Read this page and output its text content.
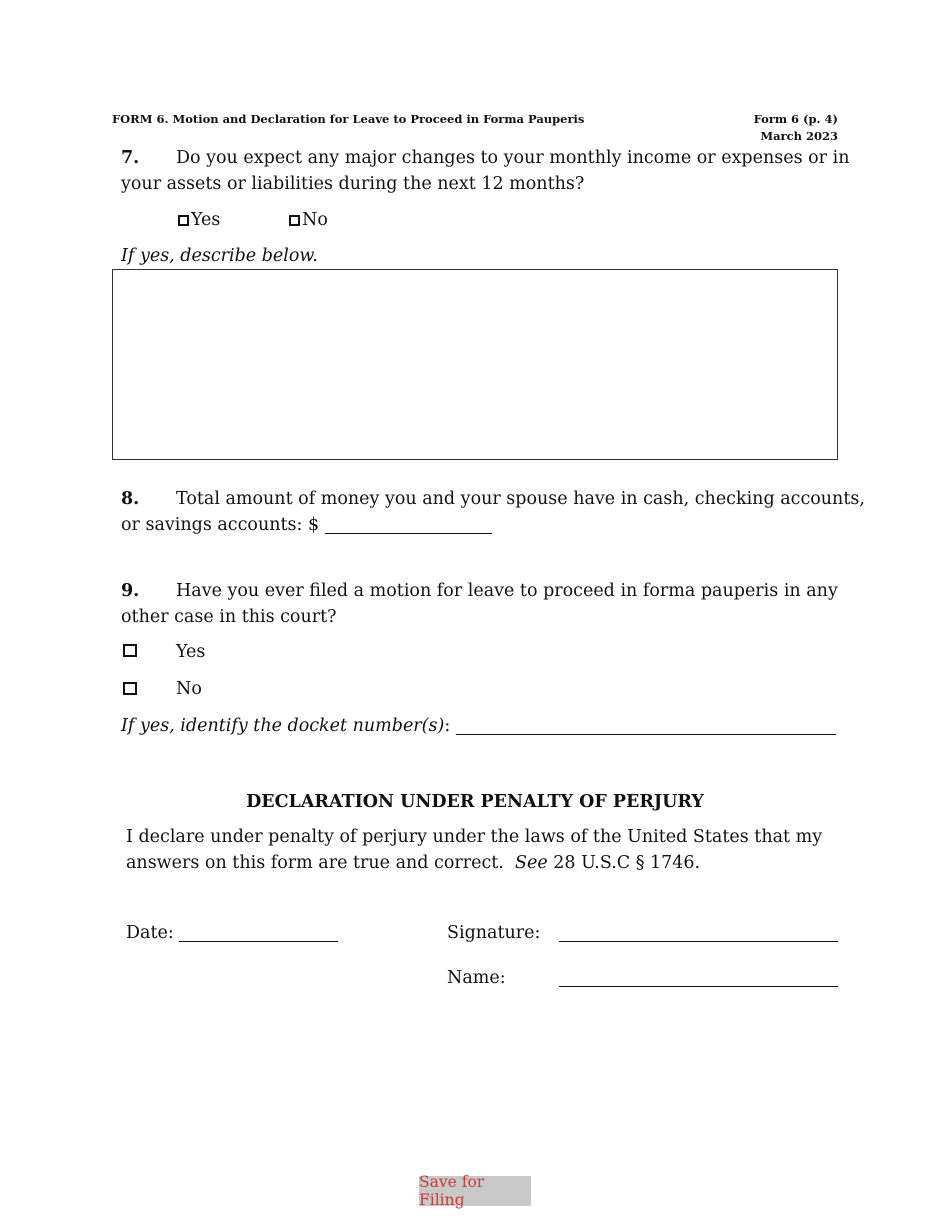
FORM 6. Motion and Declaration for Leave to Proceed in Forma Pauperis	Form 6 (p. 4)
March 2023
7. Do you expect any major changes to your monthly income or expenses or in
your assets or liabilities during the next 12 months?
Yes	No
If yes, describe below.
8. Total amount of money you and your spouse have in cash, checking accounts,
or savings accounts: $
9. Have you ever filed a motion for leave to proceed in forma pauperis in any
other case in this court?
Yes
No
If yes, identify the docket number(s):
DECLARATION UNDER PENALTY OF PERJURY
I declare under penalty of perjury under the laws of the United States that my
answers on this form are true and correct. See 28 U.S.C § 1746.
Date:	Signature:
Name:
Save for Filing
